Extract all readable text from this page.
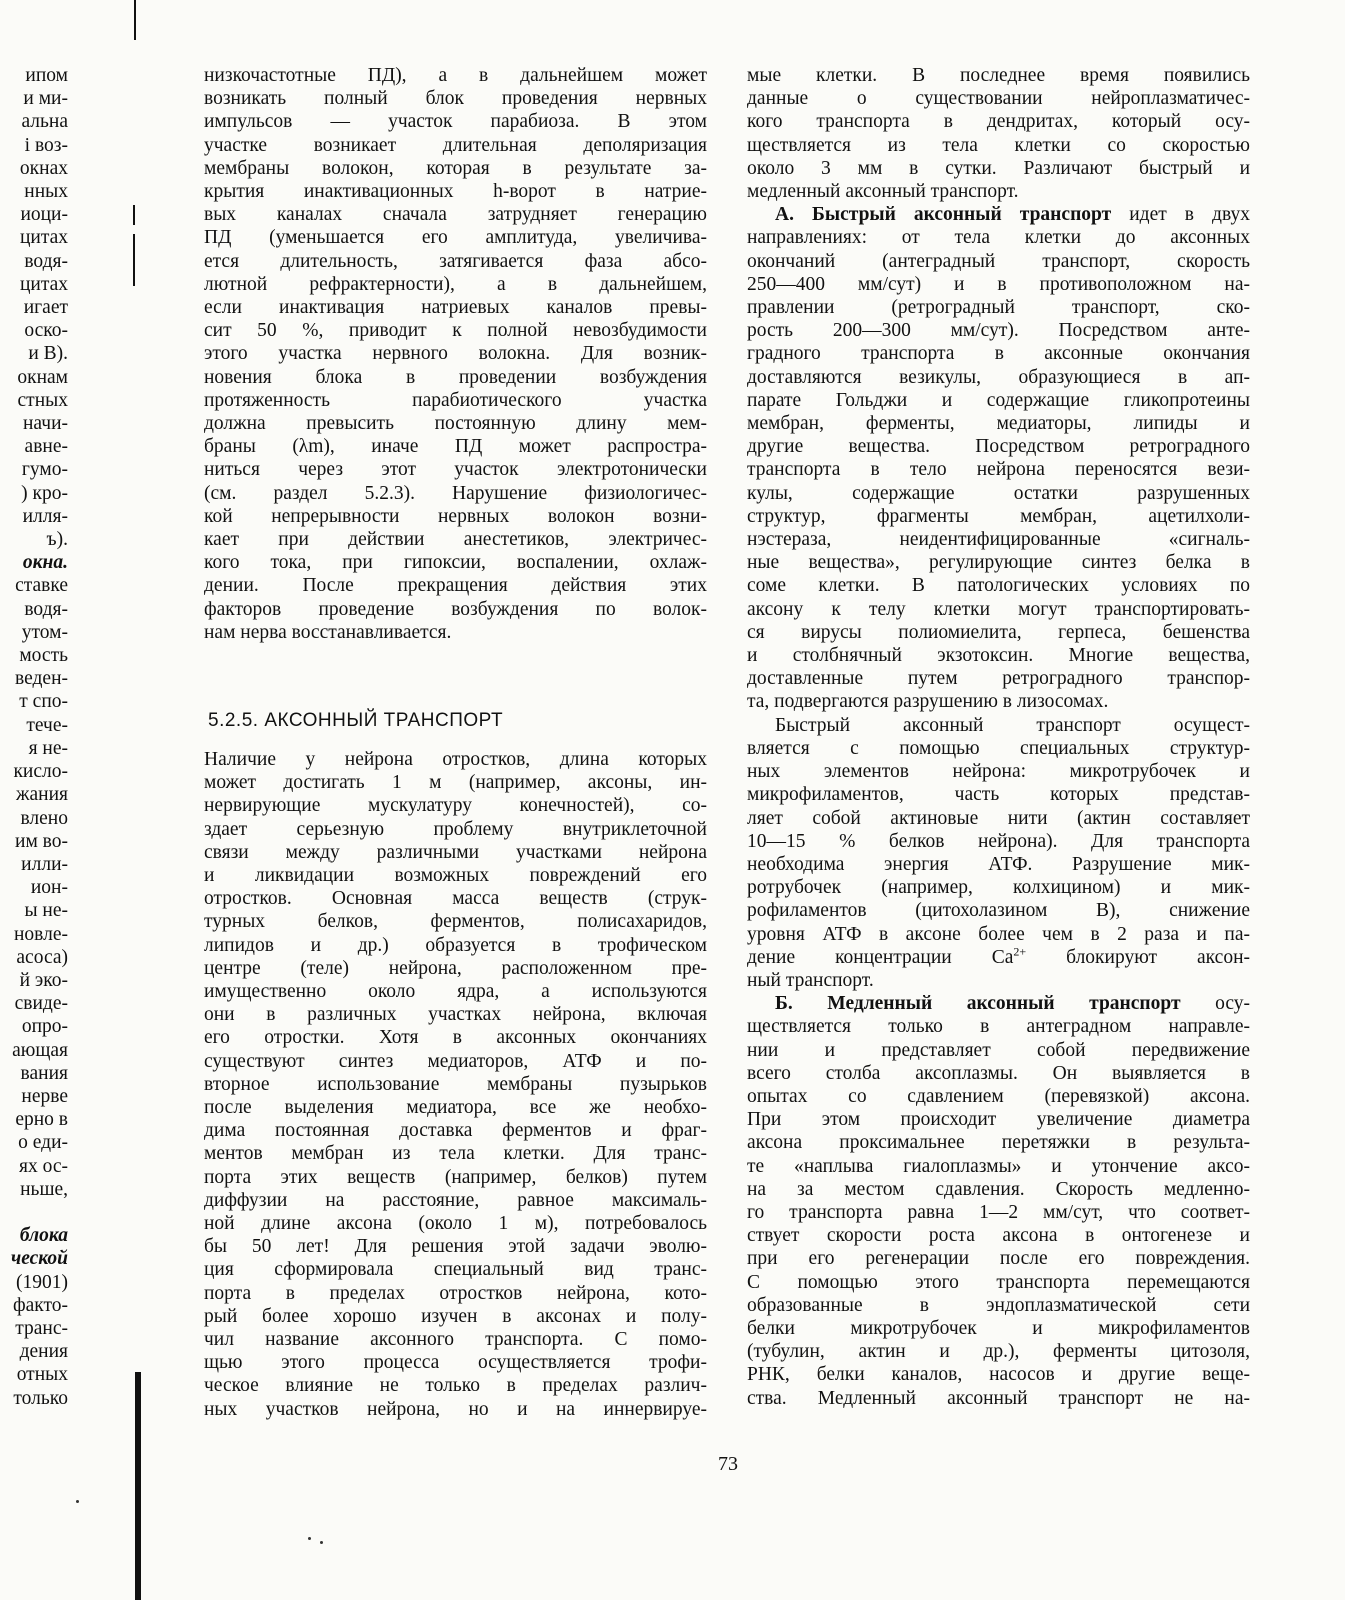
ипом
и ми-
альна
і воз-
окнах
нных
иоци-
цитах
водя-
цитах
игает
оско-
и В).
окнам
стных
начи-
авне-
гумо-
) кро-
илля-
ъ).
окна.
ставке
водя-
утом-
мость
веден-
т спо-
тече-
я не-
кисло-
жания
влено
им во-
илли-
ион-
ы не-
новле-
асоса)
й эко-
свиде-
опро-
ающая
вания
нерве
ерно в
о еди-
ях ос-
ньше,

блока
ческой
(1901)
факто-
транс-
дения
отных
только
низкочастотные ПД), а в дальнейшем может
возникать полный блок проведения нервных
импульсов — участок парабиоза. В этом
участке возникает длительная деполяризация
мембраны волокон, которая в результате за-
крытия инактивационных h-ворот в натрие-
вых каналах сначала затрудняет генерацию
ПД (уменьшается его амплитуда, увеличива-
ется длительность, затягивается фаза абсо-
лютной рефрактерности), а в дальнейшем,
если инактивация натриевых каналов превы-
сит 50 %, приводит к полной невозбудимости
этого участка нервного волокна. Для возник-
новения блока в проведении возбуждения
протяженность парабиотического участка
должна превысить постоянную длину мем-
браны (λm), иначе ПД может распростра-
ниться через этот участок электротонически
(см. раздел 5.2.3). Нарушение физиологичес-
кой непрерывности нервных волокон возни-
кает при действии анестетиков, электричес-
кого тока, при гипоксии, воспалении, охлаж-
дении. После прекращения действия этих
факторов проведение возбуждения по волок-
нам нерва восстанавливается.
5.2.5. АКСОННЫЙ ТРАНСПОРТ
Наличие у нейрона отростков, длина которых
может достигать 1 м (например, аксоны, ин-
нервирующие мускулатуру конечностей), со-
здает серьезную проблему внутриклеточной
связи между различными участками нейрона
и ликвидации возможных повреждений его
отростков. Основная масса веществ (струк-
турных белков, ферментов, полисахаридов,
липидов и др.) образуется в трофическом
центре (теле) нейрона, расположенном пре-
имущественно около ядра, а используются
они в различных участках нейрона, включая
его отростки. Хотя в аксонных окончаниях
существуют синтез медиаторов, АТФ и по-
вторное использование мембраны пузырьков
после выделения медиатора, все же необхо-
дима постоянная доставка ферментов и фраг-
ментов мембран из тела клетки. Для транс-
порта этих веществ (например, белков) путем
диффузии на расстояние, равное максималь-
ной длине аксона (около 1 м), потребовалось
бы 50 лет! Для решения этой задачи эволю-
ция сформировала специальный вид транс-
порта в пределах отростков нейрона, кото-
рый более хорошо изучен в аксонах и полу-
чил название аксонного транспорта. С помо-
щью этого процесса осуществляется трофи-
ческое влияние не только в пределах различ-
ных участков нейрона, но и на иннервируе-
мые клетки. В последнее время появились
данные о существовании нейроплазматичес-
кого транспорта в дендритах, который осу-
ществляется из тела клетки со скоростью
около 3 мм в сутки. Различают быстрый и
медленный аксонный транспорт.
А. Быстрый аксонный транспорт идет в двух
направлениях: от тела клетки до аксонных
окончаний (антеградный транспорт, скорость
250—400 мм/сут) и в противоположном на-
правлении (ретроградный транспорт, ско-
рость 200—300 мм/сут). Посредством анте-
градного транспорта в аксонные окончания
доставляются везикулы, образующиеся в ап-
парате Гольджи и содержащие гликопротеины
мембран, ферменты, медиаторы, липиды и
другие вещества. Посредством ретроградного
транспорта в тело нейрона переносятся вези-
кулы, содержащие остатки разрушенных
структур, фрагменты мембран, ацетилхоли-
нэстераза, неидентифицированные «сигналь-
ные вещества», регулирующие синтез белка в
соме клетки. В патологических условиях по
аксону к телу клетки могут транспортировать-
ся вирусы полиомиелита, герпеса, бешенства
и столбнячный экзотоксин. Многие вещества,
доставленные путем ретроградного транспор-
та, подвергаются разрушению в лизосомах.
Быстрый аксонный транспорт осущест-
вляется с помощью специальных структур-
ных элементов нейрона: микротрубочек и
микрофиламентов, часть которых представ-
ляет собой актиновые нити (актин составляет
10—15 % белков нейрона). Для транспорта
необходима энергия АТФ. Разрушение мик-
ротрубочек (например, колхицином) и мик-
рофиламентов (цитохолазином В), снижение
уровня АТФ в аксоне более чем в 2 раза и па-
дение концентрации $Ca^{2+}$ блокируют аксон-
ный транспорт.
Б. Медленный аксонный транспорт осу-
ществляется только в антеградном направле-
нии и представляет собой передвижение
всего столба аксоплазмы. Он выявляется в
опытах со сдавлением (перевязкой) аксона.
При этом происходит увеличение диаметра
аксона проксимальнее перетяжки в результа-
те «наплыва гиалоплазмы» и утончение аксо-
на за местом сдавления. Скорость медленно-
го транспорта равна 1—2 мм/сут, что соответ-
ствует скорости роста аксона в онтогенезе и
при его регенерации после его повреждения.
С помощью этого транспорта перемещаются
образованные в эндоплазматической сети
белки микротрубочек и микрофиламентов
(тубулин, актин и др.), ферменты цитозоля,
РНК, белки каналов, насосов и другие веще-
ства. Медленный аксонный транспорт не на-
73
